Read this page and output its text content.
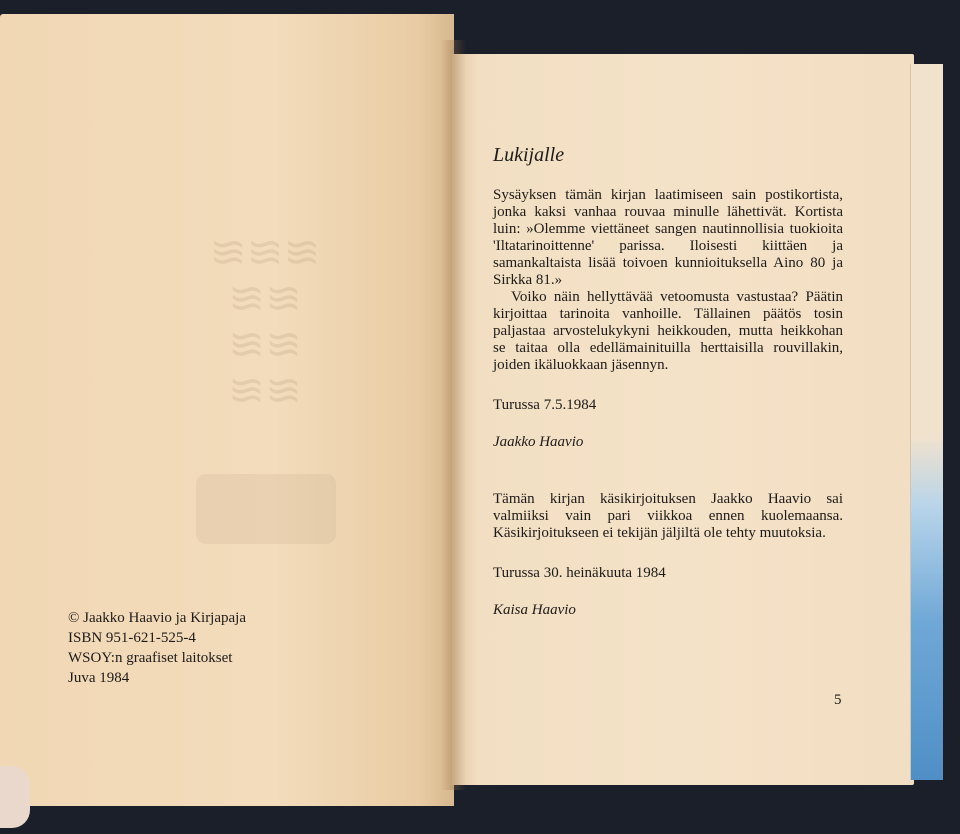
≋≋≋
≋≋
≋≋
≋≋
© Jaakko Haavio ja Kirjapaja
ISBN 951-621-525-4
WSOY:n graafiset laitokset
Juva 1984

Lukijalle

Sysäyksen tämän kirjan laatimiseen sain postikortista, jonka kaksi vanhaa rouvaa minulle lähettivät. Kortista luin: »Olemme viettäneet sangen nautinnollisia tuokioita 'Iltatarinoittenne' parissa. Iloisesti kiittäen ja samankaltaista lisää toivoen kunnioituksella Aino 80 ja Sirkka 81.»

Voiko näin hellyttävää vetoomusta vastustaa? Päätin kirjoittaa tarinoita vanhoille. Tällainen päätös tosin paljastaa arvostelukykyni heikkouden, mutta heikkohan se taitaa olla edellämainituilla herttaisilla rouvillakin, joiden ikäluokkaan jäsennyn.

Turussa 7.5.1984

Jaakko Haavio

Tämän kirjan käsikirjoituksen Jaakko Haavio sai valmiiksi vain pari viikkoa ennen kuolemaansa. Käsikirjoitukseen ei tekijän jäljiltä ole tehty muutoksia.

Turussa 30. heinäkuuta 1984

Kaisa Haavio

5
